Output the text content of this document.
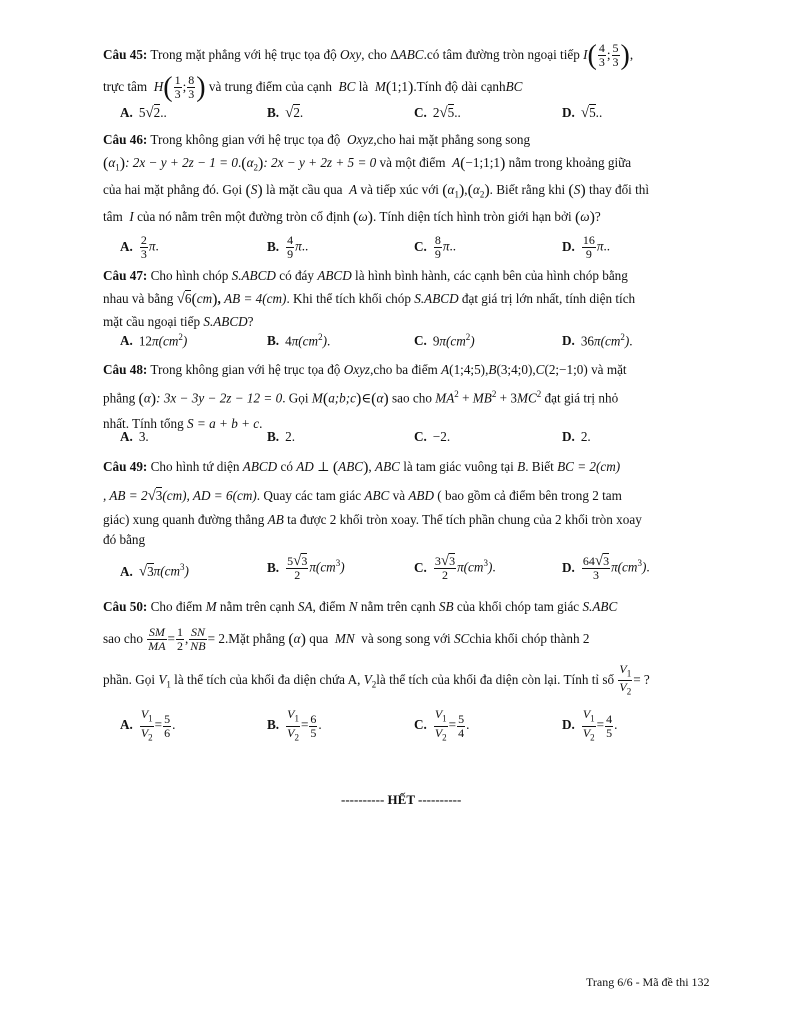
Câu 45: Trong mặt phẳng với hệ trục tọa độ Oxy, cho ΔABC.có tâm đường tròn ngoại tiếp $I( \frac{4}{3}$ ; $\frac{5}{3}$ ),
trực tâm  $H( \frac{1}{3}$ ; $\frac{8}{3}$ ) và trung điểm của cạnh  BC là  M(1;1).Tính độ dài cạnhBC
A. 5√2..	B. √2.	C. 2√5..	D. √5..
Câu 46: Trong không gian với hệ trục tọa độ Oxyz,cho hai mặt phẳng song song
$(\alpha_1)$: $2x - y + 2z - 1 = 0.(\alpha_2)$: 2x − y + 2z + 5 = 0 và một điểm  A(−1;1;1) nằm trong khoảng giữa
của hai mặt phẳng đó. Gọi (S) là mặt cầu qua  A và tiếp xúc với $(\alpha_1),(\alpha_2)$. Biết rằng khi (S) thay đổi thì
tâm  I của nó nằm trên một đường tròn cố định (ω). Tính diện tích hình tròn giới hạn bởi (ω)?
A. $\frac{2}{3} \pi$.	B. $\frac{4}{9} \pi$..	C. $\frac{8}{9} \pi$..	D. $\frac{16}{9} \pi$..
Câu 47: Cho hình chóp S.ABCD có đáy ABCD là hình bình hành, các cạnh bên của hình chóp bằng
nhau và bằng √6(cm), AB = 4(cm). Khi thể tích khối chóp S.ABCD đạt giá trị lớn nhất, tính diện tích
mặt cầu ngoại tiếp S.ABCD?
A. $12\pi(cm^2)$	B. $4\pi(cm^2)$.	C. $9\pi(cm^2)$	D. $36\pi(cm^2)$.
Câu 48: Trong không gian với hệ trục tọa độ Oxyz,cho ba điểm A(1;4;5),B(3;4;0),C(2;−1;0) và mặt
phẳng (α): 3x − 3y − 2z − 12 = 0. Gọi M(a;b;c)∈(α) sao cho $MA^2 + MB^2 + 3MC^2$ đạt giá trị nhỏ
nhất. Tính tổng S = a + b + c.
A. 3.	B. 2.	C. −2.	D. 2.
Câu 49: Cho hình tứ diện ABCD có AD ⊥ (ABC), ABC là tam giác vuông tại B. Biết BC = 2(cm)
, AB = 2√3(cm), AD = 6(cm). Quay các tam giác ABC và ABD ( bao gồm cả điểm bên trong 2 tam
giác) xung quanh đường thẳng AB ta được 2 khối tròn xoay. Thể tích phần chung của 2 khối tròn xoay
đó bằng
A. $√3\pi(cm^3)$	B. $\frac{5√3}{2} \pi(cm^3)$	C. $\frac{3√3}{2} \pi(cm^3)$.	D. $\frac{64√3}{3} \pi(cm^3)$.
Câu 50: Cho điểm M nằm trên cạnh SA, điểm N nằm trên cạnh SB của khối chóp tam giác S.ABC
sao cho $\frac{SM}{MA} = \frac{1}{2}$ , $\frac{SN}{NB}$ = 2.Mặt phẳng (α) qua  MN  và song song với SCchia khối chóp thành 2
phần. Gọi $V_1$ là thể tích của khối đa diện chứa A, $V_2là$ thể tích của khối đa diện còn lại. Tính tỉ số $\frac{V_1}{V_2}$ = ?
A. $\frac{V_1}{V_2} = \frac{5}{6}$ .	B. $\frac{V_1}{V_2} = \frac{6}{5}$ .	C. $\frac{V_1}{V_2} = \frac{5}{4}$ .	D. $\frac{V_1}{V_2} = \frac{4}{5}$ .
---------- HẾT ----------
Trang 6/6 - Mã đề thi 132
